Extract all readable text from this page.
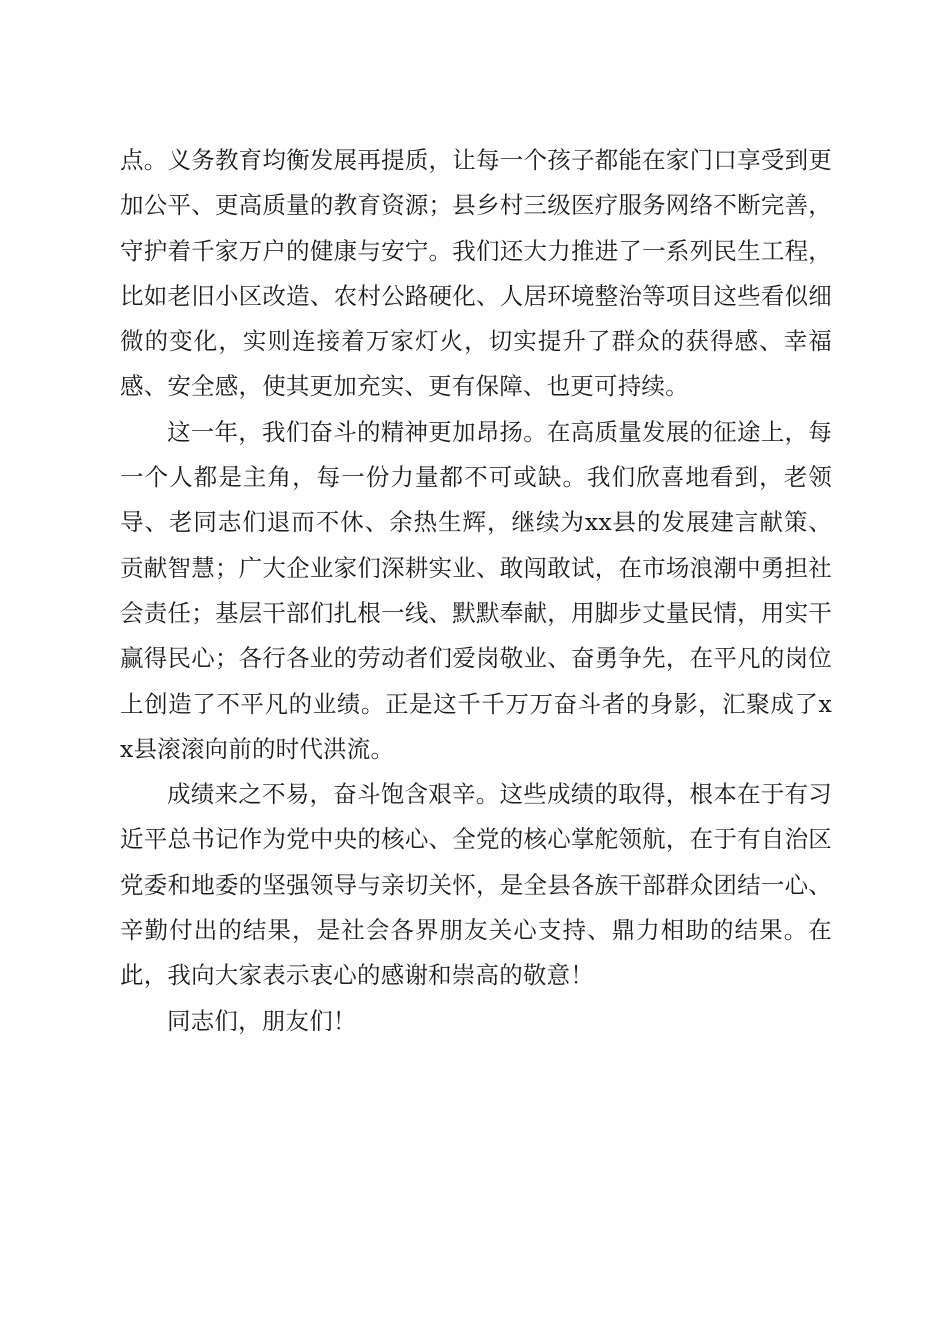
点。义务教育均衡发展再提质，让每一个孩子都能在家门口享受到更加公平、更高质量的教育资源；县乡村三级医疗服务网络不断完善，守护着千家万户的健康与安宁。我们还大力推进了一系列民生工程，比如老旧小区改造、农村公路硬化、人居环境整治等项目这些看似细微的变化，实则连接着万家灯火，切实提升了群众的获得感、幸福感、安全感，使其更加充实、更有保障、也更可持续。

这一年，我们奋斗的精神更加昂扬。在高质量发展的征途上，每一个人都是主角，每一份力量都不可或缺。我们欣喜地看到，老领导、老同志们退而不休、余热生辉，继续为xx县的发展建言献策、贡献智慧；广大企业家们深耕实业、敢闯敢试，在市场浪潮中勇担社会责任；基层干部们扎根一线、默默奉献，用脚步丈量民情，用实干赢得民心；各行各业的劳动者们爱岗敬业、奋勇争先，在平凡的岗位上创造了不平凡的业绩。正是这千千万万奋斗者的身影，汇聚成了xx县滚滚向前的时代洪流。

成绩来之不易，奋斗饱含艰辛。这些成绩的取得，根本在于有习近平总书记作为党中央的核心、全党的核心掌舵领航，在于有自治区党委和地委的坚强领导与亲切关怀，是全县各族干部群众团结一心、辛勤付出的结果，是社会各界朋友关心支持、鼎力相助的结果。在此，我向大家表示衷心的感谢和崇高的敬意！

同志们，朋友们！
